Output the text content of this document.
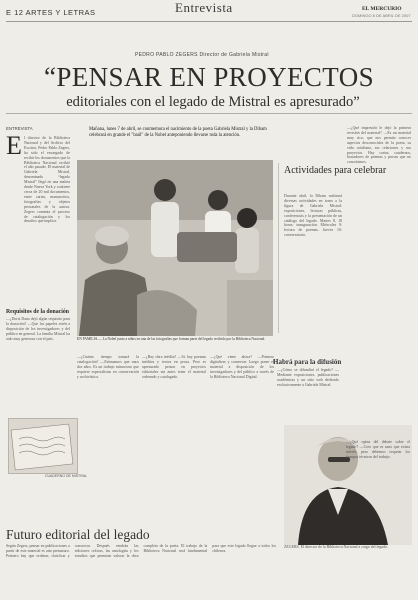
E 12 ARTES Y LETRAS	Entrevista	EL MERCURIO
DOMINGO 8 DE ABRIL DE 2007
PEDRO PABLO ZEGERS Director de Gabriela Mistral
“PENSAR EN PROYECTOS
editoriales con el legado de Mistral es apresurado”
ENTREVISTA
E l director de la Biblioteca Nacional y del Archivo del Escritor, Pedro Pablo Zegers, ha sido el encargado de recibir los documentos que la Biblioteca Nacional recibió el año pasado. El material de Gabriela Mistral, denominado “legado Mistral” llegó en una maleta desde Nueva York y contiene cerca de 20 mil documentos, entre cartas, manuscritos, fotografías y objetos personales de la autora. Zegers comenta el proceso de catalogación y los desafíos que implica.
Requisitos de la donación

—¿Doris Dana dejó algún requisito para la donación? —Que los papeles estén a disposición de los investigadores y del público en general. La familia Mistral ha sido muy generosa con el país.

Mañana, lunes 7 de abril, se conmemora el nacimiento de la poeta Gabriela Mistral y la Dibam celebrará en grande el "baúl" de la Nobel anteponiendo llevarse toda la atención.
EN FAMILIA.— La Nobel junto a niños en una de las fotografías que forman parte del legado recibido por la Biblioteca Nacional.
Actividades para celebrar
Durante abril, la Dibam realizará diversas actividades en torno a la figura de Gabriela Mistral: exposiciones, lecturas públicas, conferencias y la presentación de un catálogo del legado. Martes 8, 18 horas: inauguración. Miércoles 9: lectura de poemas. Jueves 10: conversatorio.
—¿Qué impresión le dejó la primera revisión del material? —Es un material muy rico, que nos permite conocer aspectos desconocidos de la poeta, su vida cotidiana, sus relaciones y sus proyectos. Hay cartas, cuadernos, borradores de poemas y prosas que no conocíamos.
CUADERNO DE MISTRAL
—¿Cuánto tiempo tomará la catalogación? —Estimamos que unos dos años. Es un trabajo minucioso que requiere especialistas en conservación y archivística.
—¿Hay obra inédita? —Sí, hay poemas inéditos y textos en prosa. Pero es apresurado pensar en proyectos editoriales sin antes tener el material ordenado y catalogado.
—¿Qué viene ahora? —Primero digitalizar y conservar. Luego poner el material a disposición de los investigadores y del público a través de la Biblioteca Nacional Digital.
Habrá para la difusión
—¿Cómo se difundirá el legado? —Mediante exposiciones, publicaciones académicas y un sitio web dedicado exclusivamente a Gabriela Mistral.
—¿Qué opina del debate sobre el legado? —Creo que es sano que exista interés, pero debemos respetar los tiempos técnicos del trabajo.
Futuro editorial del legado
Según Zegers, pensar en publicaciones a partir de este material es aún prematuro. Primero hay que ordenar, clasificar y conservar. Después vendrán las ediciones críticas, las antologías y los estudios que permitan valorar la obra completa de la poeta. El trabajo de la Biblioteca Nacional será fundamental para que este legado llegue a todos los chilenos.
ZEGERS. El director de la Biblioteca Nacional a cargo del legado.
